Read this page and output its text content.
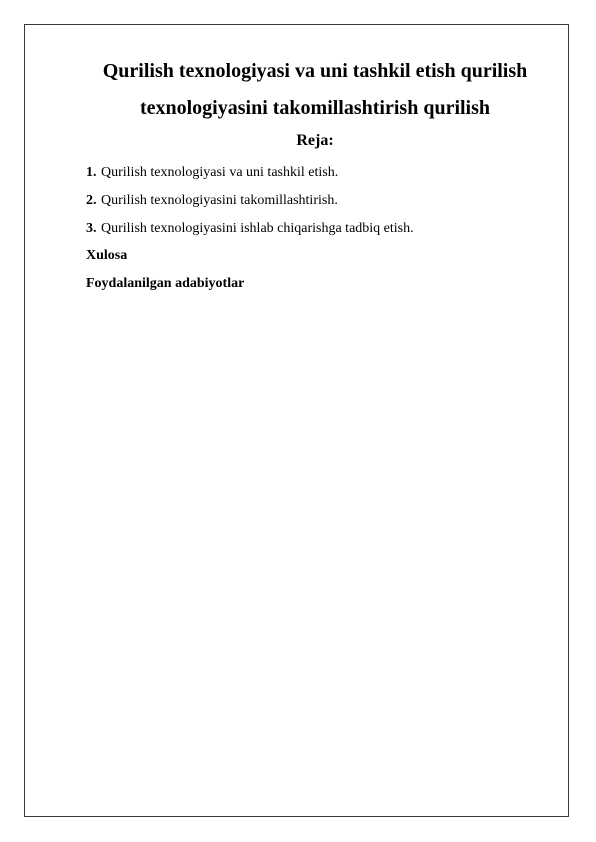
Qurilish texnologiyasi va uni tashkil etish qurilish
texnologiyasini takomillashtirish qurilish
Reja:
1. Qurilish texnologiyasi va uni tashkil etish.
2. Qurilish texnologiyasini takomillashtirish.
3. Qurilish texnologiyasini ishlab chiqarishga tadbiq etish.
Xulosa
Foydalanilgan adabiyotlar
